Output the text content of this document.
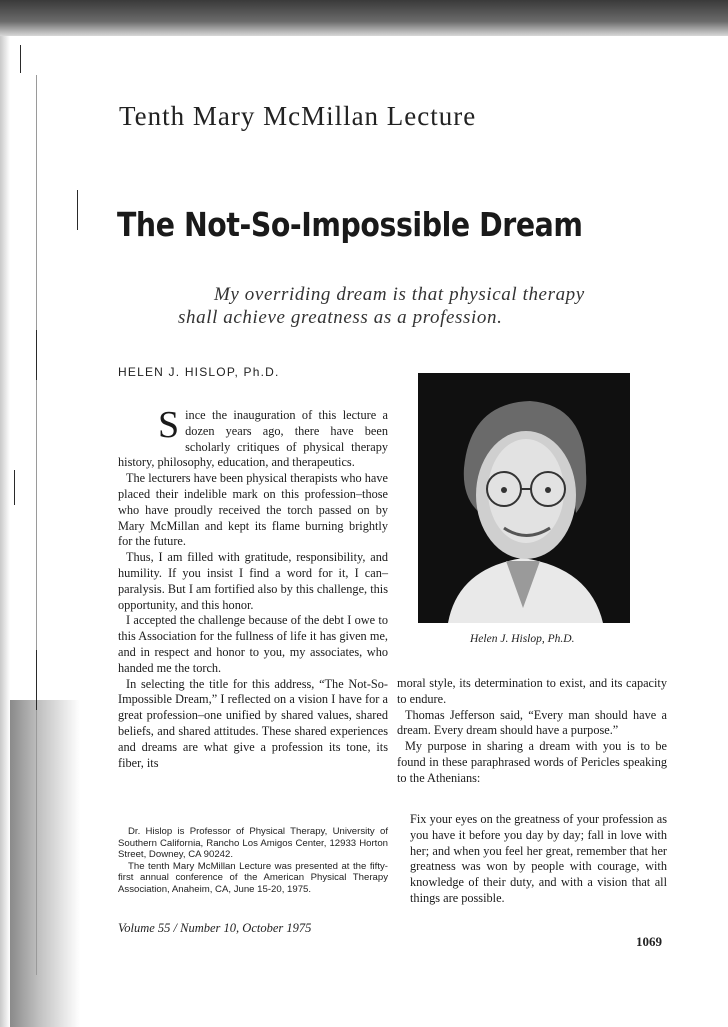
Tenth Mary McMillan Lecture
The Not-So-Impossible Dream
My overriding dream is that physical therapy
shall achieve greatness as a profession.
HELEN J. HISLOP, Ph.D.

Since the inauguration of this lecture a dozen years ago, there have been scholarly critiques of physical therapy history, philosophy, education, and therapeutics.

The lecturers have been physical therapists who have placed their indelible mark on this profession–those who have proudly received the torch passed on by Mary McMillan and kept its flame burning brightly for the future.

Thus, I am filled with gratitude, responsibility, and humility. If you insist I find a word for it, I can–paralysis. But I am fortified also by this challenge, this opportunity, and this honor.

I accepted the challenge because of the debt I owe to this Association for the fullness of life it has given me, and in respect and honor to you, my associates, who handed me the torch.

In selecting the title for this address, “The Not-So-Impossible Dream,” I reflected on a vision I have for a great profession–one unified by shared values, shared beliefs, and shared attitudes. These shared experiences and dreams are what give a profession its tone, its fiber, its

Helen J. Hislop, Ph.D.

moral style, its determination to exist, and its capacity to endure.

Thomas Jefferson said, “Every man should have a dream. Every dream should have a purpose.”

My purpose in sharing a dream with you is to be found in these paraphrased words of Pericles speaking to the Athenians:

Fix your eyes on the greatness of your profession as you have it before you day by day; fall in love with her; and when you feel her great, remember that her greatness was won by people with courage, with knowledge of their duty, and with a vision that all things are possible.

Dr. Hislop is Professor of Physical Therapy, University of Southern California, Rancho Los Amigos Center, 12933 Horton Street, Downey, CA 90242.

The tenth Mary McMillan Lecture was presented at the fifty-first annual conference of the American Physical Therapy Association, Anaheim, CA, June 15-20, 1975.

Volume 55 / Number 10, October 1975
1069
